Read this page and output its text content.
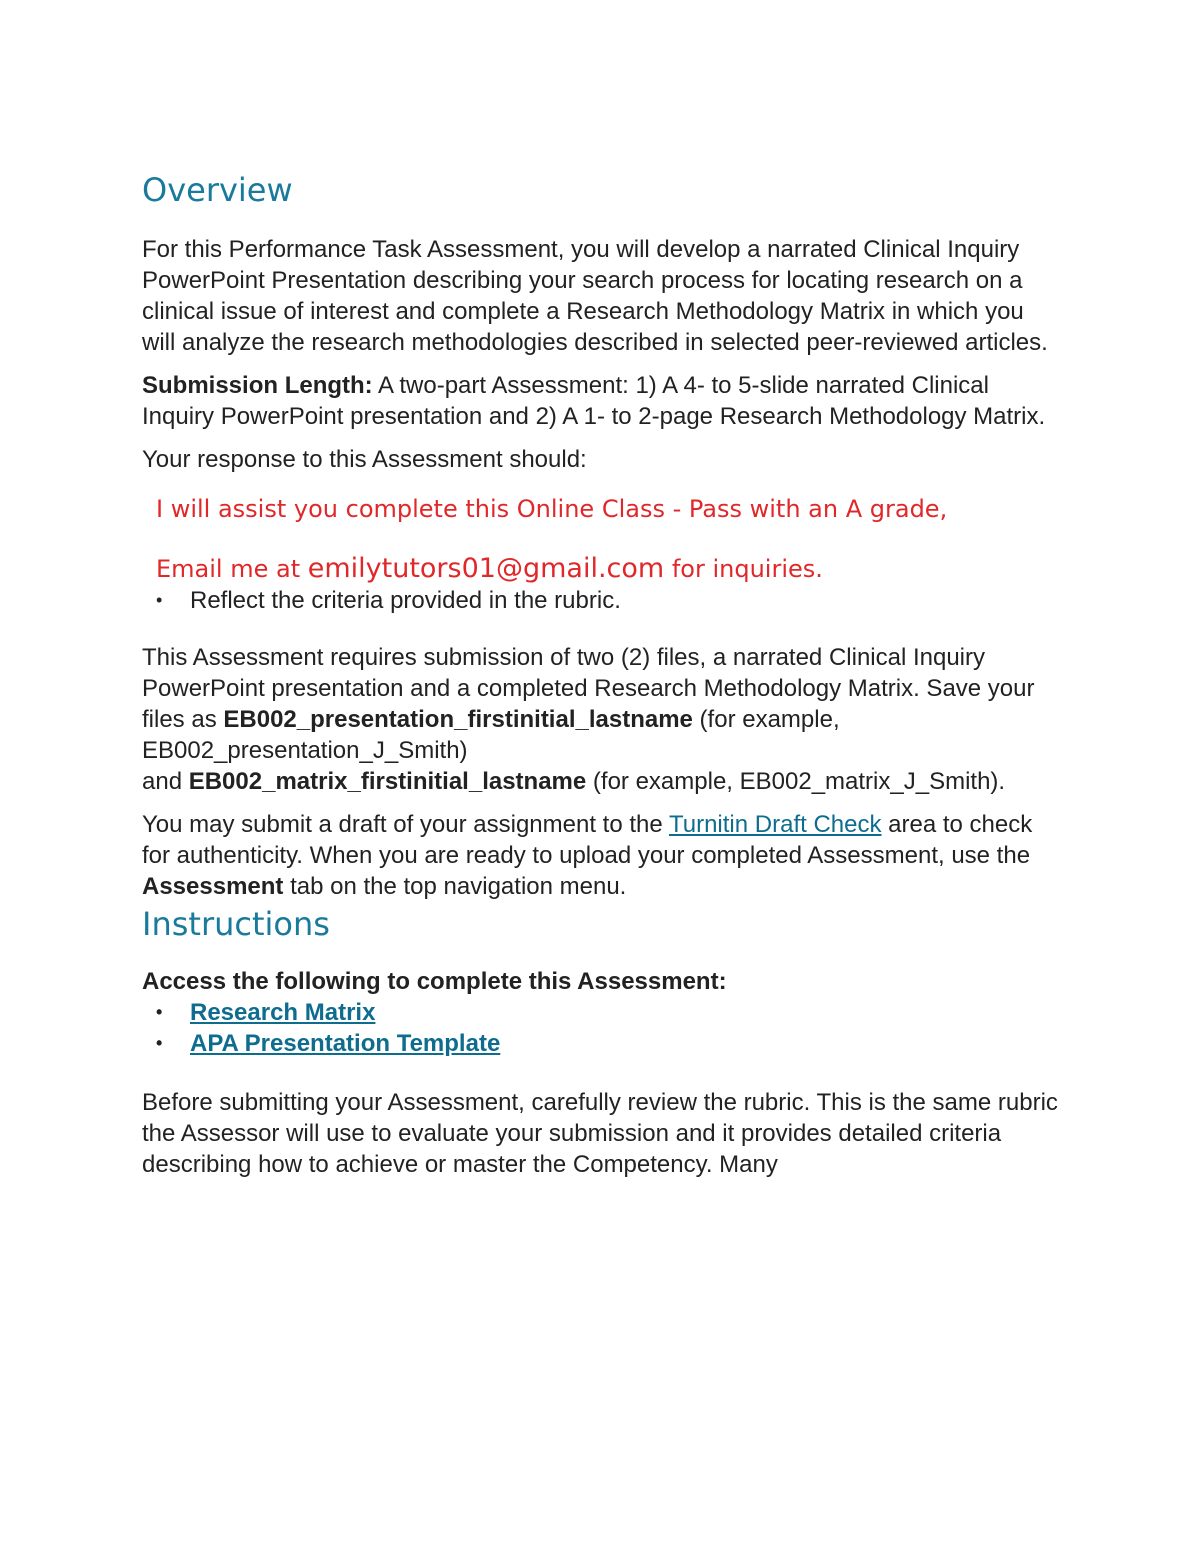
Overview

For this Performance Task Assessment, you will develop a narrated Clinical Inquiry PowerPoint Presentation describing your search process for locating research on a clinical issue of interest and complete a Research Methodology Matrix in which you will analyze the research methodologies described in selected peer-reviewed articles.

Submission Length: A two-part Assessment: 1) A 4- to 5-slide narrated Clinical Inquiry PowerPoint presentation and 2) A 1- to 2-page Research Methodology Matrix.

Your response to this Assessment should:

I will assist you complete this Online Class - Pass with an A grade,
Email me at emilytutors01@gmail.com for inquiries.
• Reflect the criteria provided in the rubric.

This Assessment requires submission of two (2) files, a narrated Clinical Inquiry PowerPoint presentation and a completed Research Methodology Matrix. Save your files as EB002_presentation_firstinitial_lastname (for example, EB002_presentation_J_Smith)
and EB002_matrix_firstinitial_lastname (for example, EB002_matrix_J_Smith).

You may submit a draft of your assignment to the Turnitin Draft Check area to check for authenticity. When you are ready to upload your completed Assessment, use the Assessment tab on the top navigation menu.

Instructions

Access the following to complete this Assessment:

• Research Matrix
• APA Presentation Template

Before submitting your Assessment, carefully review the rubric. This is the same rubric the Assessor will use to evaluate your submission and it provides detailed criteria describing how to achieve or master the Competency. Many
